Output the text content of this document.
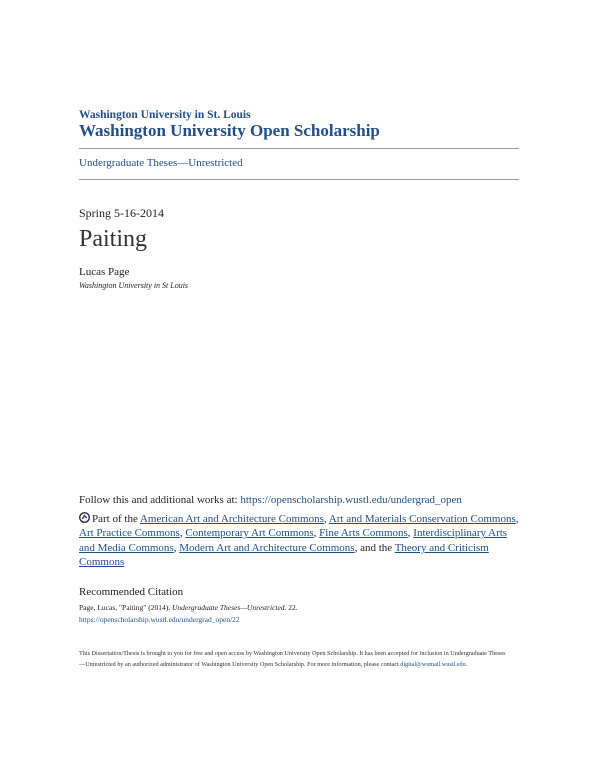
Washington University in St. Louis
Washington University Open Scholarship
Undergraduate Theses—Unrestricted
Spring 5-16-2014
Paiting
Lucas Page
Washington University in St Louis
Follow this and additional works at: https://openscholarship.wustl.edu/undergrad_open
Part of the American Art and Architecture Commons, Art and Materials Conservation Commons, Art Practice Commons, Contemporary Art Commons, Fine Arts Commons, Interdisciplinary Arts and Media Commons, Modern Art and Architecture Commons, and the Theory and Criticism Commons
Recommended Citation
Page, Lucas, "Paiting" (2014). Undergraduate Theses—Unrestricted. 22.
https://openscholarship.wustl.edu/undergrad_open/22
This Dissertation/Thesis is brought to you for free and open access by Washington University Open Scholarship. It has been accepted for inclusion in Undergraduate Theses—Unrestricted by an authorized administrator of Washington University Open Scholarship. For more information, please contact digital@wumail.wustl.edu.
